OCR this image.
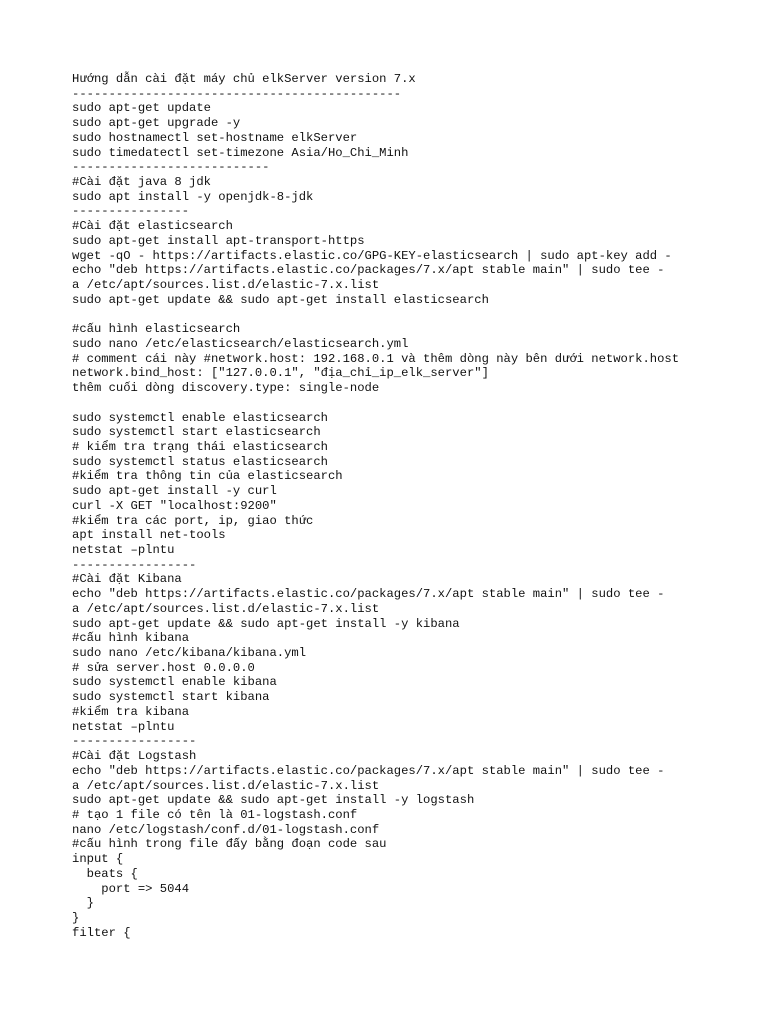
Hướng dẫn cài đặt máy chủ elkServer version 7.x
---------------------------------------------
sudo apt-get update
sudo apt-get upgrade -y
sudo hostnamectl set-hostname elkServer
sudo timedatectl set-timezone Asia/Ho_Chi_Minh
---------------------------
#Cài đặt java 8 jdk
sudo apt install -y openjdk-8-jdk
----------------
#Cài đặt elasticsearch
sudo apt-get install apt-transport-https
wget -qO - https://artifacts.elastic.co/GPG-KEY-elasticsearch | sudo apt-key add -
echo "deb https://artifacts.elastic.co/packages/7.x/apt stable main" | sudo tee -
a /etc/apt/sources.list.d/elastic-7.x.list
sudo apt-get update && sudo apt-get install elasticsearch
#cấu hình elasticsearch
sudo nano /etc/elasticsearch/elasticsearch.yml
# comment cái này #network.host: 192.168.0.1 và thêm dòng này bên dưới network.host
network.bind_host: ["127.0.0.1", "địa_chỉ_ip_elk_server"]
thêm cuối dòng discovery.type: single-node
sudo systemctl enable elasticsearch
sudo systemctl start elasticsearch
# kiểm tra trạng thái elasticsearch
sudo systemctl status elasticsearch
#kiểm tra thông tin của elasticsearch
sudo apt-get install -y curl
curl -X GET "localhost:9200"
#kiểm tra các port, ip, giao thức
apt install net-tools
netstat –plntu
-----------------
#Cài đặt Kibana
echo "deb https://artifacts.elastic.co/packages/7.x/apt stable main" | sudo tee -
a /etc/apt/sources.list.d/elastic-7.x.list
sudo apt-get update && sudo apt-get install -y kibana
#cấu hình kibana
sudo nano /etc/kibana/kibana.yml
# sửa server.host 0.0.0.0
sudo systemctl enable kibana
sudo systemctl start kibana
#kiểm tra kibana
netstat –plntu
-----------------
#Cài đặt Logstash
echo "deb https://artifacts.elastic.co/packages/7.x/apt stable main" | sudo tee -
a /etc/apt/sources.list.d/elastic-7.x.list
sudo apt-get update && sudo apt-get install -y logstash
# tạo 1 file có tên là 01-logstash.conf
nano /etc/logstash/conf.d/01-logstash.conf
#cấu hình trong file đấy bằng đoạn code sau
input {
beats {
port => 5044
}
}
filter {
